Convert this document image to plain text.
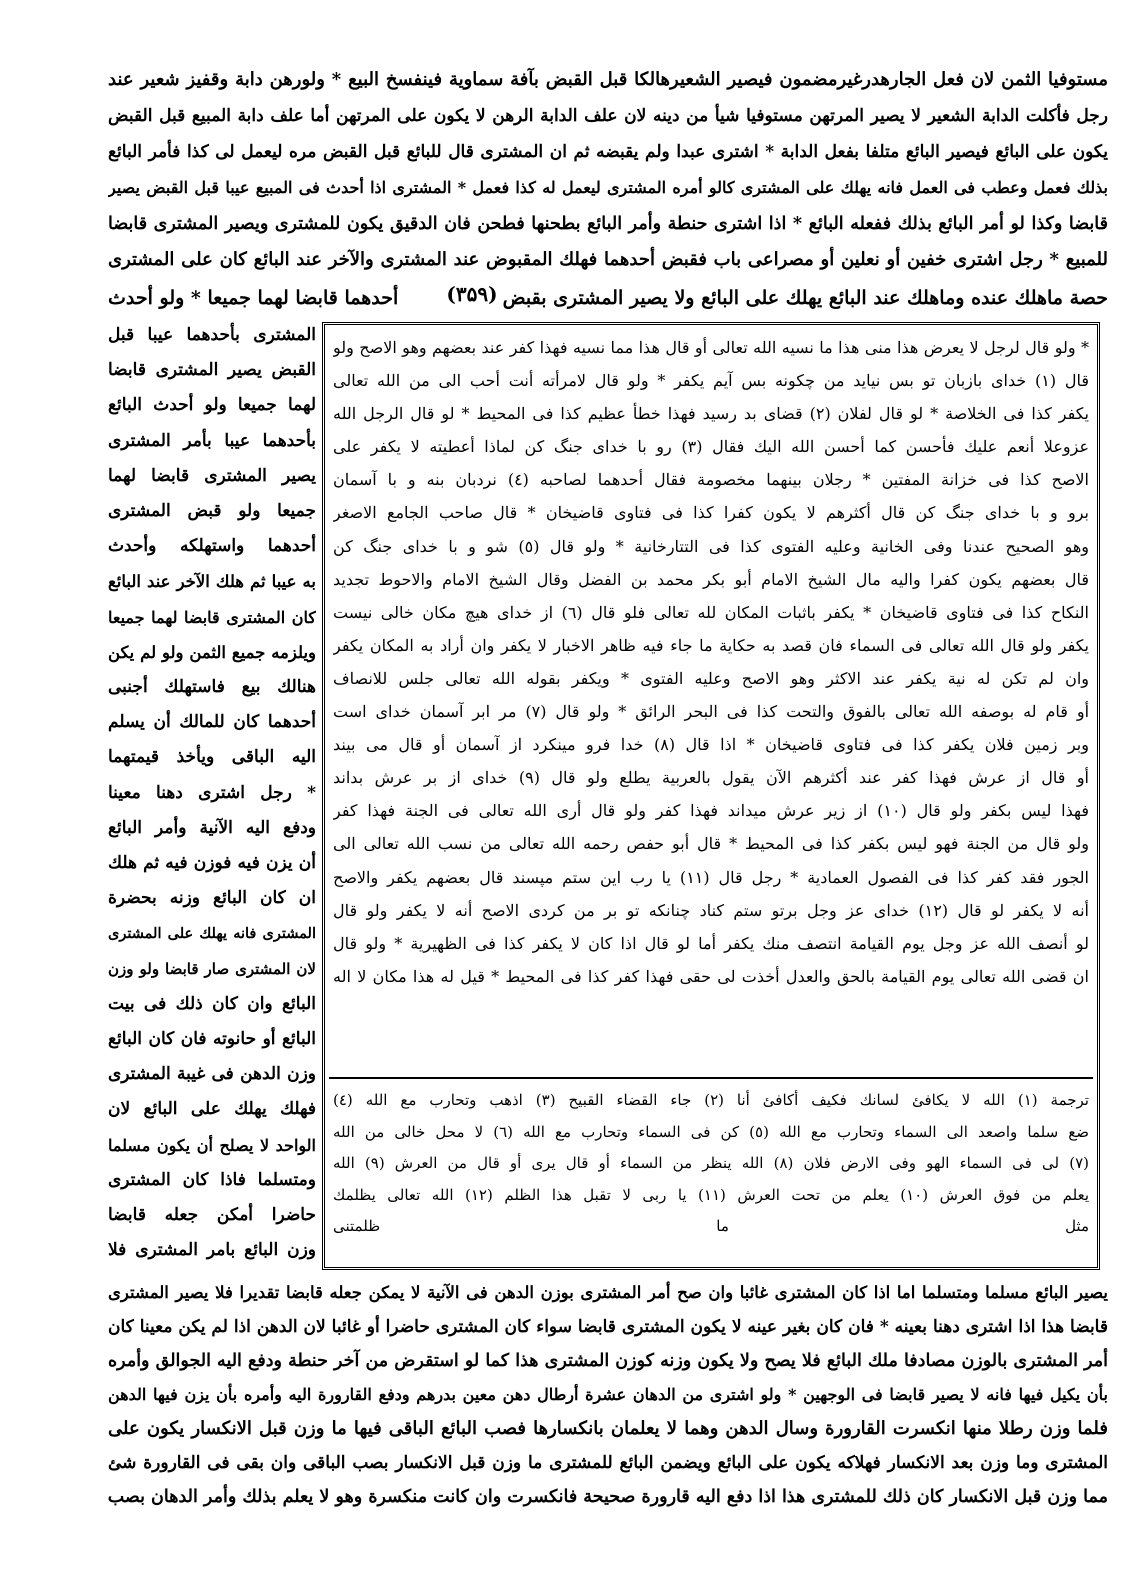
مستوفيا الثمن لان فعل الجارهدرغيرمضمون فيصير الشعيرهالكا قبل القبض بآفة سماوية فينفسخ البيع * ولورهن دابة وقفيز شعير عند
رجل فأكلت الدابة الشعير لا يصير المرتهن مستوفيا شيأ من دينه لان علف الدابة الرهن لا يكون على المرتهن أما علف دابة المبيع قبل القبض
يكون على البائع فيصير البائع متلفا بفعل الدابة * اشترى عبدا ولم يقبضه ثم ان المشترى قال للبائع قبل القبض مره ليعمل لى كذا فأمر البائع
بذلك فعمل وعطب فى العمل فانه يهلك على المشترى كالو أمره المشترى ليعمل له كذا فعمل * المشترى اذا أحدث فى المبيع عيبا قبل القبض يصير
قابضا وكذا لو أمر البائع بذلك ففعله البائع * اذا اشترى حنطة وأمر البائع بطحنها فطحن فان الدقيق يكون للمشترى ويصير المشترى قابضا
للمبيع * رجل اشترى خفين أو نعلين أو مصراعى باب فقبض أحدهما فهلك المقبوض عند المشترى والآخر عند البائع كان على المشترى
حصة ماهلك عنده وماهلك عند البائع يهلك على البائع ولا يصير المشترى بقبض
أحدهما قابضا لهما جميعا * ولو أحدث	(۳۵۹)
المشترى بأحدهما عيبا قبل
القبض يصير المشترى قابضا
لهما جميعا ولو أحدث البائع
بأحدهما عيبا بأمر المشترى
يصير المشترى قابضا لهما
جميعا ولو قبض المشترى
أحدهما واستهلكه وأحدث
به عيبا ثم هلك الآخر عند البائع
كان المشترى قابضا لهما جميعا
ويلزمه جميع الثمن ولو لم يكن
هنالك بيع فاستهلك أجنبى
أحدهما كان للمالك أن يسلم
اليه الباقى ويأخذ قيمتهما
* رجل اشترى دهنا معينا
ودفع اليه الآنية وأمر البائع
أن يزن فيه فوزن فيه ثم هلك
ان كان البائع وزنه بحضرة
المشترى فانه يهلك على المشترى
لان المشترى صار قابضا ولو وزن
البائع وان كان ذلك فى بيت
البائع أو حانوته فان كان البائع
وزن الدهن فى غيبة المشترى
فهلك يهلك على البائع لان
الواحد لا يصلح أن يكون مسلما
ومتسلما فاذا كان المشترى
حاضرا أمكن جعله قابضا
وزن البائع بامر المشترى فلا
* ولو قال لرجل لا يعرض هذا منى هذا ما نسيه الله تعالى أو قال هذا مما نسيه فهذا كفر عند بعضهم وهو الاصح ولو
قال (١) خداى بازبان تو بس نيايد من چكونه بس آيم يكفر * ولو قال لامرأته أنت أحب الى من الله تعالى
يكفر كذا فى الخلاصة * لو قال لفلان (٢) قضاى بد رسيد فهذا خطأ عظيم كذا فى المحيط * لو قال الرجل الله
عزوعلا أنعم عليك فأحسن كما أحسن الله اليك فقال (٣) رو با خداى جنگ كن لماذا أعطيته لا يكفر على
الاصح كذا فى خزانة المفتين * رجلان بينهما مخصومة فقال أحدهما لصاحبه (٤) نردبان بنه و با آسمان
برو و با خداى جنگ كن قال أكثرهم لا يكون كفرا كذا فى فتاوى قاضيخان * قال صاحب الجامع الاصغر
وهو الصحيح عندنا وفى الخانية وعليه الفتوى كذا فى التتارخانية * ولو قال (٥) شو و با خداى جنگ كن
قال بعضهم يكون كفرا واليه مال الشيخ الامام أبو بكر محمد بن الفضل وقال الشيخ الامام والاحوط تجديد
النكاح كذا فى فتاوى قاضيخان * يكفر باثبات المكان لله تعالى فلو قال (٦) از خداى هيچ مكان خالى نيست
يكفر ولو قال الله تعالى فى السماء فان قصد به حكاية ما جاء فيه ظاهر الاخبار لا يكفر وان أراد به المكان يكفر
وان لم تكن له نية يكفر عند الاكثر وهو الاصح وعليه الفتوى * ويكفر بقوله الله تعالى جلس للانصاف
أو قام له بوصفه الله تعالى بالفوق والتحت كذا فى البحر الرائق * ولو قال (٧) مر ابر آسمان خداى است
وبر زمين فلان يكفر كذا فى فتاوى قاضيخان * اذا قال (٨) خدا فرو مينكرد از آسمان أو قال مى بيند
أو قال از عرش فهذا كفر عند أكثرهم الآن يقول بالعربية يطلع ولو قال (٩) خداى از بر عرش بداند
فهذا ليس بكفر ولو قال (١٠) از زير عرش ميداند فهذا كفر ولو قال أرى الله تعالى فى الجنة فهذا كفر
ولو قال من الجنة فهو ليس بكفر كذا فى المحيط * قال أبو حفص رحمه الله تعالى من نسب الله تعالى الى
الجور فقد كفر كذا فى الفصول العمادية * رجل قال (١١) يا رب اين ستم مپسند قال بعضهم يكفر والاصح
أنه لا يكفر لو قال (١٢) خداى عز وجل برتو ستم كناد چنانكه تو بر من كردى الاصح أنه لا يكفر ولو قال
لو أنصف الله عز وجل يوم القيامة انتصف منك يكفر أما لو قال اذا كان لا يكفر كذا فى الظهيرية * ولو قال
ان قضى الله تعالى يوم القيامة بالحق والعدل أخذت لى حقى فهذا كفر كذا فى المحيط * قيل له هذا مكان لا اله
ترجمة (١) الله لا يكافئ لسانك فكيف أكافئ أنا (٢) جاء القضاء القبيح (٣) اذهب وتحارب مع الله (٤)
ضع سلما واصعد الى السماء وتحارب مع الله (٥) كن فى السماء وتحارب مع الله (٦) لا محل خالى من الله
(٧) لى فى السماء الهو وفى الارض فلان (٨) الله ينظر من السماء أو قال يرى أو قال من العرش (٩) الله
يعلم من فوق العرش (١٠) يعلم من تحت العرش (١١) يا ربى لا تقبل هذا الظلم (١٢) الله تعالى يظلمك
مثل ما ظلمتنى
يصير البائع مسلما ومتسلما اما اذا كان المشترى غائبا وان صح أمر المشترى بوزن الدهن فى الآنية لا يمكن جعله قابضا تقديرا فلا يصير المشترى
قابضا هذا اذا اشترى دهنا بعينه * فان كان بغير عينه لا يكون المشترى قابضا سواء كان المشترى حاضرا أو غائبا لان الدهن اذا لم يكن معينا كان
أمر المشترى بالوزن مصادفا ملك البائع فلا يصح ولا يكون وزنه كوزن المشترى هذا كما لو استقرض من آخر حنطة ودفع اليه الجوالق وأمره
بأن يكيل فيها فانه لا يصير قابضا فى الوجهين * ولو اشترى من الدهان عشرة أرطال دهن معين بدرهم ودفع القارورة اليه وأمره بأن يزن فيها الدهن
فلما وزن رطلا منها انكسرت القارورة وسال الدهن وهما لا يعلمان بانكسارها فصب البائع الباقى فيها ما وزن قبل الانكسار يكون على
المشترى وما وزن بعد الانكسار فهلاكه يكون على البائع ويضمن البائع للمشترى ما وزن قبل الانكسار بصب الباقى وان بقى فى القارورة شئ
مما وزن قبل الانكسار كان ذلك للمشترى هذا اذا دفع اليه قارورة صحيحة فانكسرت وان كانت منكسرة وهو لا يعلم بذلك وأمر الدهان بصب
